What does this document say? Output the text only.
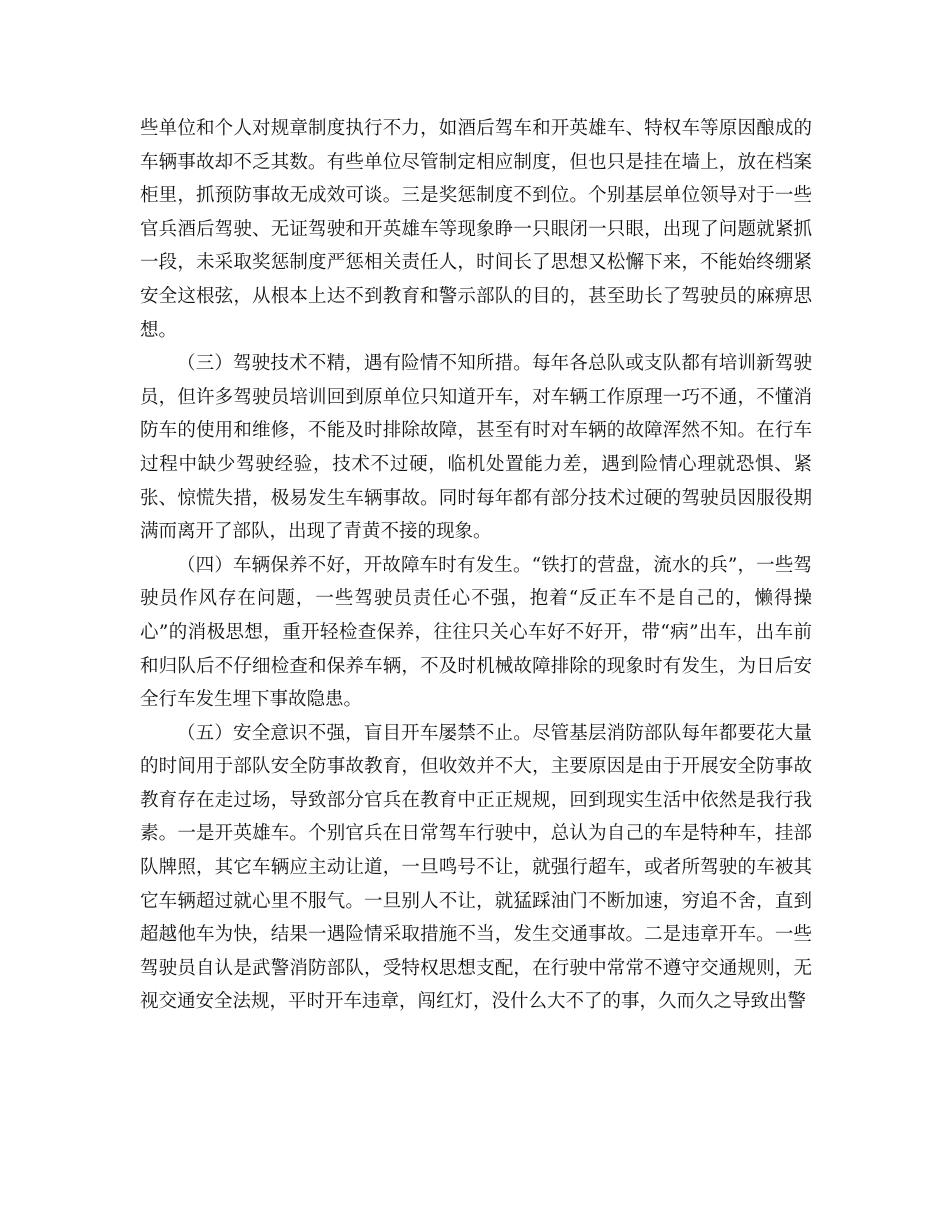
些单位和个人对规章制度执行不力，如酒后驾车和开英雄车、特权车等原因酿成的车辆事故却不乏其数。有些单位尽管制定相应制度，但也只是挂在墙上，放在档案柜里，抓预防事故无成效可谈。三是奖惩制度不到位。个别基层单位领导对于一些官兵酒后驾驶、无证驾驶和开英雄车等现象睁一只眼闭一只眼，出现了问题就紧抓一段，未采取奖惩制度严惩相关责任人，时间长了思想又松懈下来，不能始终绷紧安全这根弦，从根本上达不到教育和警示部队的目的，甚至助长了驾驶员的麻痹思想。

（三）驾驶技术不精，遇有险情不知所措。每年各总队或支队都有培训新驾驶员，但许多驾驶员培训回到原单位只知道开车，对车辆工作原理一巧不通，不懂消防车的使用和维修，不能及时排除故障，甚至有时对车辆的故障浑然不知。在行车过程中缺少驾驶经验，技术不过硬，临机处置能力差，遇到险情心理就恐惧、紧张、惊慌失措，极易发生车辆事故。同时每年都有部分技术过硬的驾驶员因服役期满而离开了部队，出现了青黄不接的现象。

（四）车辆保养不好，开故障车时有发生。“铁打的营盘，流水的兵”，一些驾驶员作风存在问题，一些驾驶员责任心不强，抱着“反正车不是自己的，懒得操心”的消极思想，重开轻检查保养，往往只关心车好不好开，带“病”出车，出车前和归队后不仔细检查和保养车辆，不及时机械故障排除的现象时有发生，为日后安全行车发生埋下事故隐患。

（五）安全意识不强，盲目开车屡禁不止。尽管基层消防部队每年都要花大量的时间用于部队安全防事故教育，但收效并不大，主要原因是由于开展安全防事故教育存在走过场，导致部分官兵在教育中正正规规，回到现实生活中依然是我行我素。一是开英雄车。个别官兵在日常驾车行驶中，总认为自己的车是特种车，挂部队牌照，其它车辆应主动让道，一旦鸣号不让，就强行超车，或者所驾驶的车被其它车辆超过就心里不服气。一旦别人不让，就猛踩油门不断加速，穷追不舍，直到超越他车为快，结果一遇险情采取措施不当，发生交通事故。二是违章开车。一些驾驶员自认是武警消防部队，受特权思想支配，在行驶中常常不遵守交通规则，无视交通安全法规，平时开车违章，闯红灯，没什么大不了的事，久而久之导致出警
